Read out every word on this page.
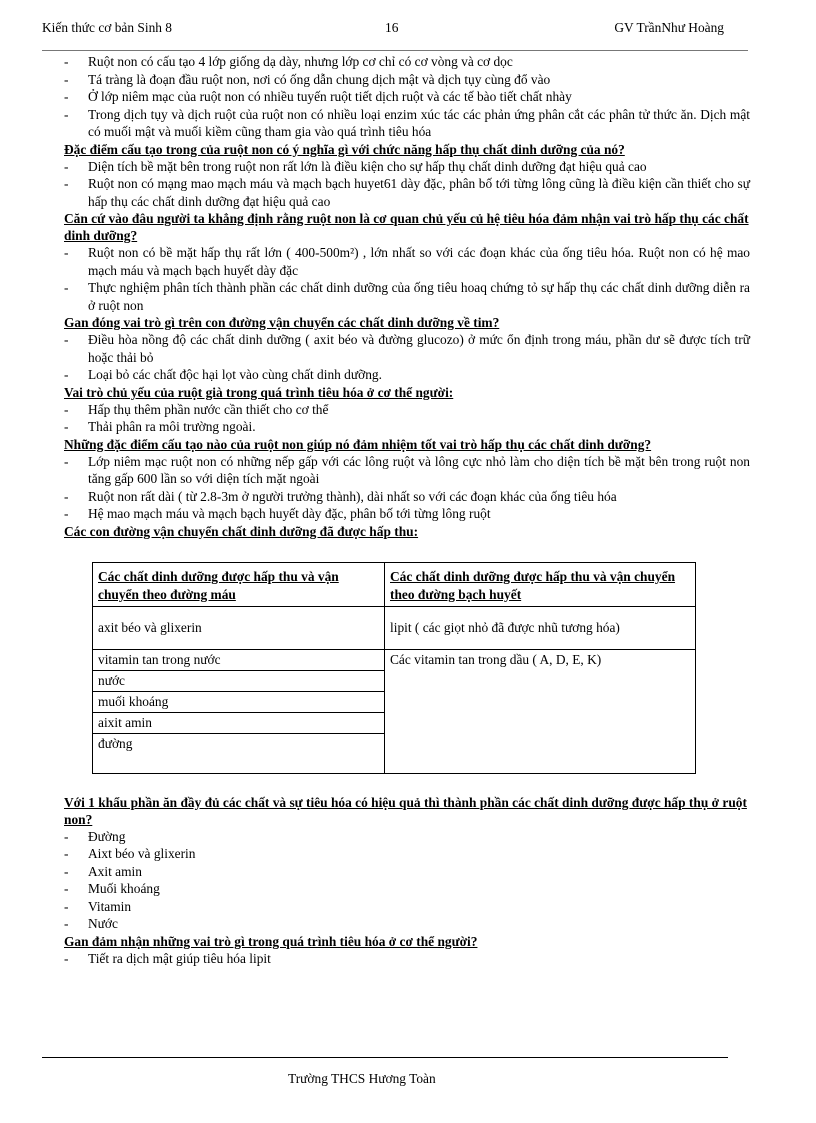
Kiến thức cơ bản Sinh 8	16	GV TrầnNhư Hoàng
- Ruột non có cấu tạo 4 lớp giống dạ dày, nhưng lớp cơ chỉ có cơ vòng và cơ dọc
- Tá tràng là đoạn đầu ruột non, nơi có ống dẫn chung dịch mật và dịch tụy cùng đổ vào
- Ở lớp niêm mạc của ruột non có nhiều tuyến ruột tiết dịch ruột và các tế bào tiết chất nhày
- Trong dịch tụy và dịch ruột của ruột non có nhiều loại enzim xúc tác các phản ứng phân cắt các phân tử thức ăn. Dịch mật có muối mật và muối kiềm cũng tham gia vào quá trình tiêu hóa

Đặc điểm cấu tạo trong của ruột non có ý nghĩa gì với chức năng hấp thụ chất dinh dưỡng của nó?

- Diện tích bề mặt bên trong ruột non rất lớn là điều kiện cho sự hấp thụ chất dinh dưỡng đạt hiệu quả cao
- Ruột non có mạng mao mạch máu và mạch bạch huyet61 dày đặc, phân bố tới từng lông cũng là điều kiện cần thiết cho sự hấp thụ các chất dinh dưỡng đạt hiệu quả cao

Căn cứ vào đâu người ta khẳng định rằng ruột non là cơ quan chủ yếu củ hệ tiêu hóa đảm nhận vai trò hấp thụ các chất dinh dưỡng?

- Ruột non có bề mặt hấp thụ rất lớn ( 400-500m²) , lớn nhất so với các đoạn khác của ống tiêu hóa. Ruột non có hệ mao mạch máu và mạch bạch huyết dày đặc
- Thực nghiệm phân tích thành phần các chất dinh dưỡng của ống tiêu hoaq chứng tỏ sự hấp thụ các chất dinh dưỡng diễn ra ở ruột non

Gan đóng vai trò gì trên con đường vận chuyển các chất dinh dưỡng về tim?

- Điều hòa nồng độ các chất dinh dưỡng ( axit béo và đường glucozo) ở mức ổn định trong máu, phần dư sẽ được tích trữ hoặc thải bỏ
- Loại bỏ các chất độc hại lọt vào cùng chất dinh dưỡng.

Vai trò chủ yếu của ruột già trong quá trình tiêu hóa ở cơ thể người:

- Hấp thụ thêm phần nước cần thiết cho cơ thể
- Thải phân ra môi trường ngoài.

Những đặc điểm cấu tạo nào của ruột non giúp nó đảm nhiệm tốt vai trò hấp thụ các chất dinh dưỡng?

- Lớp niêm mạc ruột non có những nếp gấp với các lông ruột và lông cực nhỏ làm cho diện tích bề mặt bên trong ruột non tăng gấp 600 lần so với diện tích mặt ngoài
- Ruột non rất dài ( từ 2.8-3m ở người trưởng thành), dài nhất so với các đoạn khác của ống tiêu hóa
- Hệ mao mạch máu và mạch bạch huyết dày đặc, phân bố tới từng lông ruột

Các con đường vận chuyển chất dinh dưỡng đã được hấp thu:

Các chất dinh dưỡng được hấp thu và vận chuyển theo đường máu
axit béo và glixerin
vitamin tan trong nước
nước
muối khoáng
aixit amin
đường
Các chất dinh dưỡng được hấp thu và vận chuyển theo đường bạch huyết
lipit ( các giọt nhỏ đã được nhũ tương hóa)
Các vitamin tan trong dầu ( A, D, E, K)

Với 1 khẩu phần ăn đầy đủ các chất và sự tiêu hóa có hiệu quả thì thành phần các chất dinh dưỡng được hấp thụ ở ruột non?

- Đường
- Aixt béo và glixerin
- Axit amin
- Muối khoáng
- Vitamin
- Nước

Gan đảm nhận những vai trò gì trong quá trình tiêu hóa ở cơ thể người?

- Tiết ra dịch mật giúp tiêu hóa lipit
Trường THCS Hương Toàn
